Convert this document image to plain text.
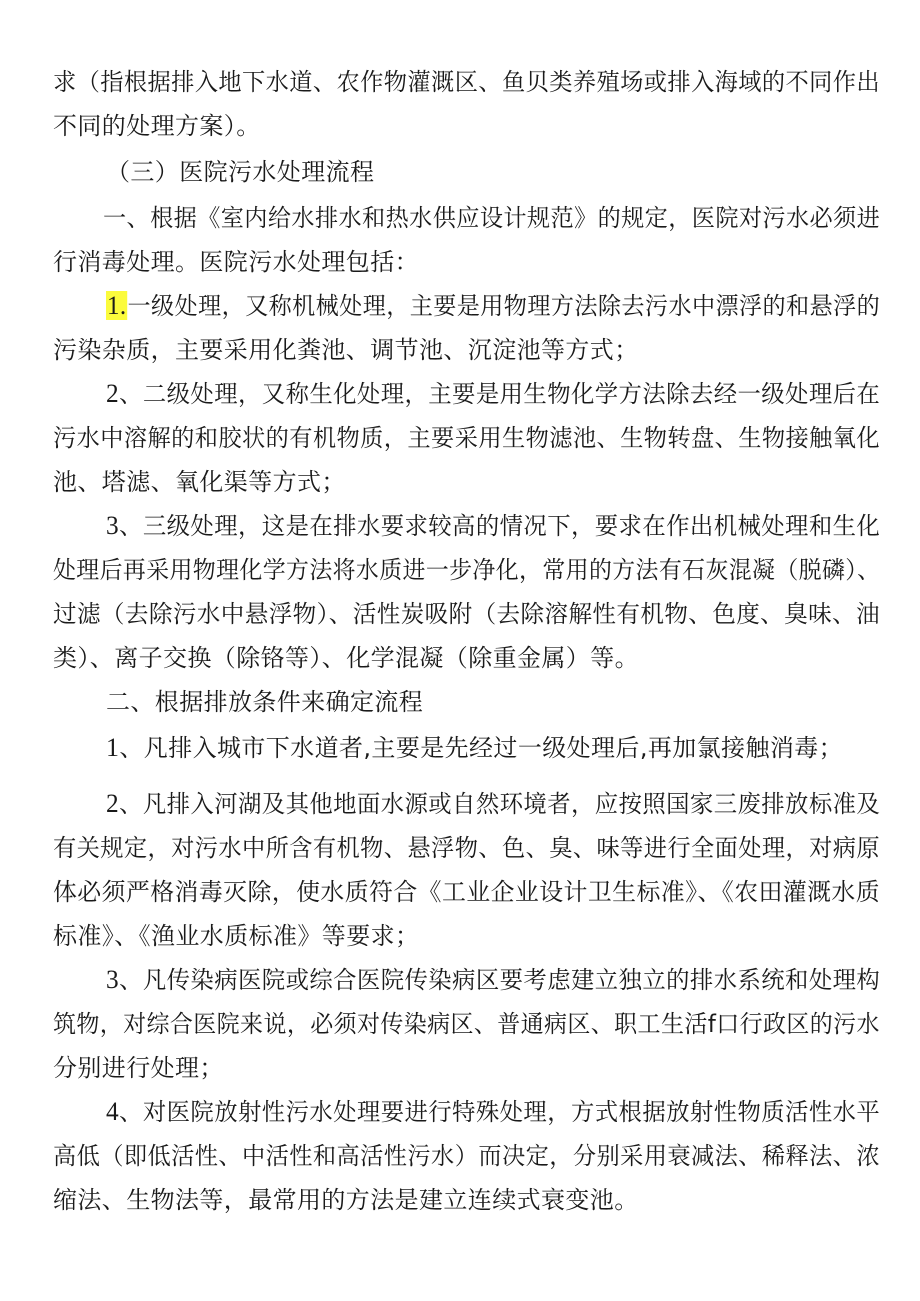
求（指根据排入地下水道、农作物灌溉区、鱼贝类养殖场或排入海域的不同作出
不同的处理方案）。
（三）医院污水处理流程
一、根据《室内给水排水和热水供应设计规范》的规定，医院对污水必须进
行消毒处理。医院污水处理包括：
1.一级处理，又称机械处理，主要是用物理方法除去污水中漂浮的和悬浮的
污染杂质，主要采用化粪池、调节池、沉淀池等方式；
2、二级处理，又称生化处理，主要是用生物化学方法除去经一级处理后在
污水中溶解的和胶状的有机物质，主要采用生物滤池、生物转盘、生物接触氧化
池、塔滤、氧化渠等方式；
3、三级处理，这是在排水要求较高的情况下，要求在作出机械处理和生化
处理后再采用物理化学方法将水质进一步净化，常用的方法有石灰混凝（脱磷）、
过滤（去除污水中悬浮物）、活性炭吸附（去除溶解性有机物、色度、臭味、油
类）、离子交换（除铬等）、化学混凝（除重金属）等。
二、根据排放条件来确定流程
1、凡排入城市下水道者,主要是先经过一级处理后,再加氯接触消毒；
2、凡排入河湖及其他地面水源或自然环境者，应按照国家三废排放标准及
有关规定，对污水中所含有机物、悬浮物、色、臭、味等进行全面处理，对病原
体必须严格消毒灭除，使水质符合《工业企业设计卫生标准》、《农田灌溉水质
标准》、《渔业水质标准》等要求；
3、凡传染病医院或综合医院传染病区要考虑建立独立的排水系统和处理构
筑物，对综合医院来说，必须对传染病区、普通病区、职工生活f口行政区的污水
分别进行处理；
4、对医院放射性污水处理要进行特殊处理，方式根据放射性物质活性水平
高低（即低活性、中活性和高活性污水）而决定，分别采用衰减法、稀释法、浓
缩法、生物法等，最常用的方法是建立连续式衰变池。
